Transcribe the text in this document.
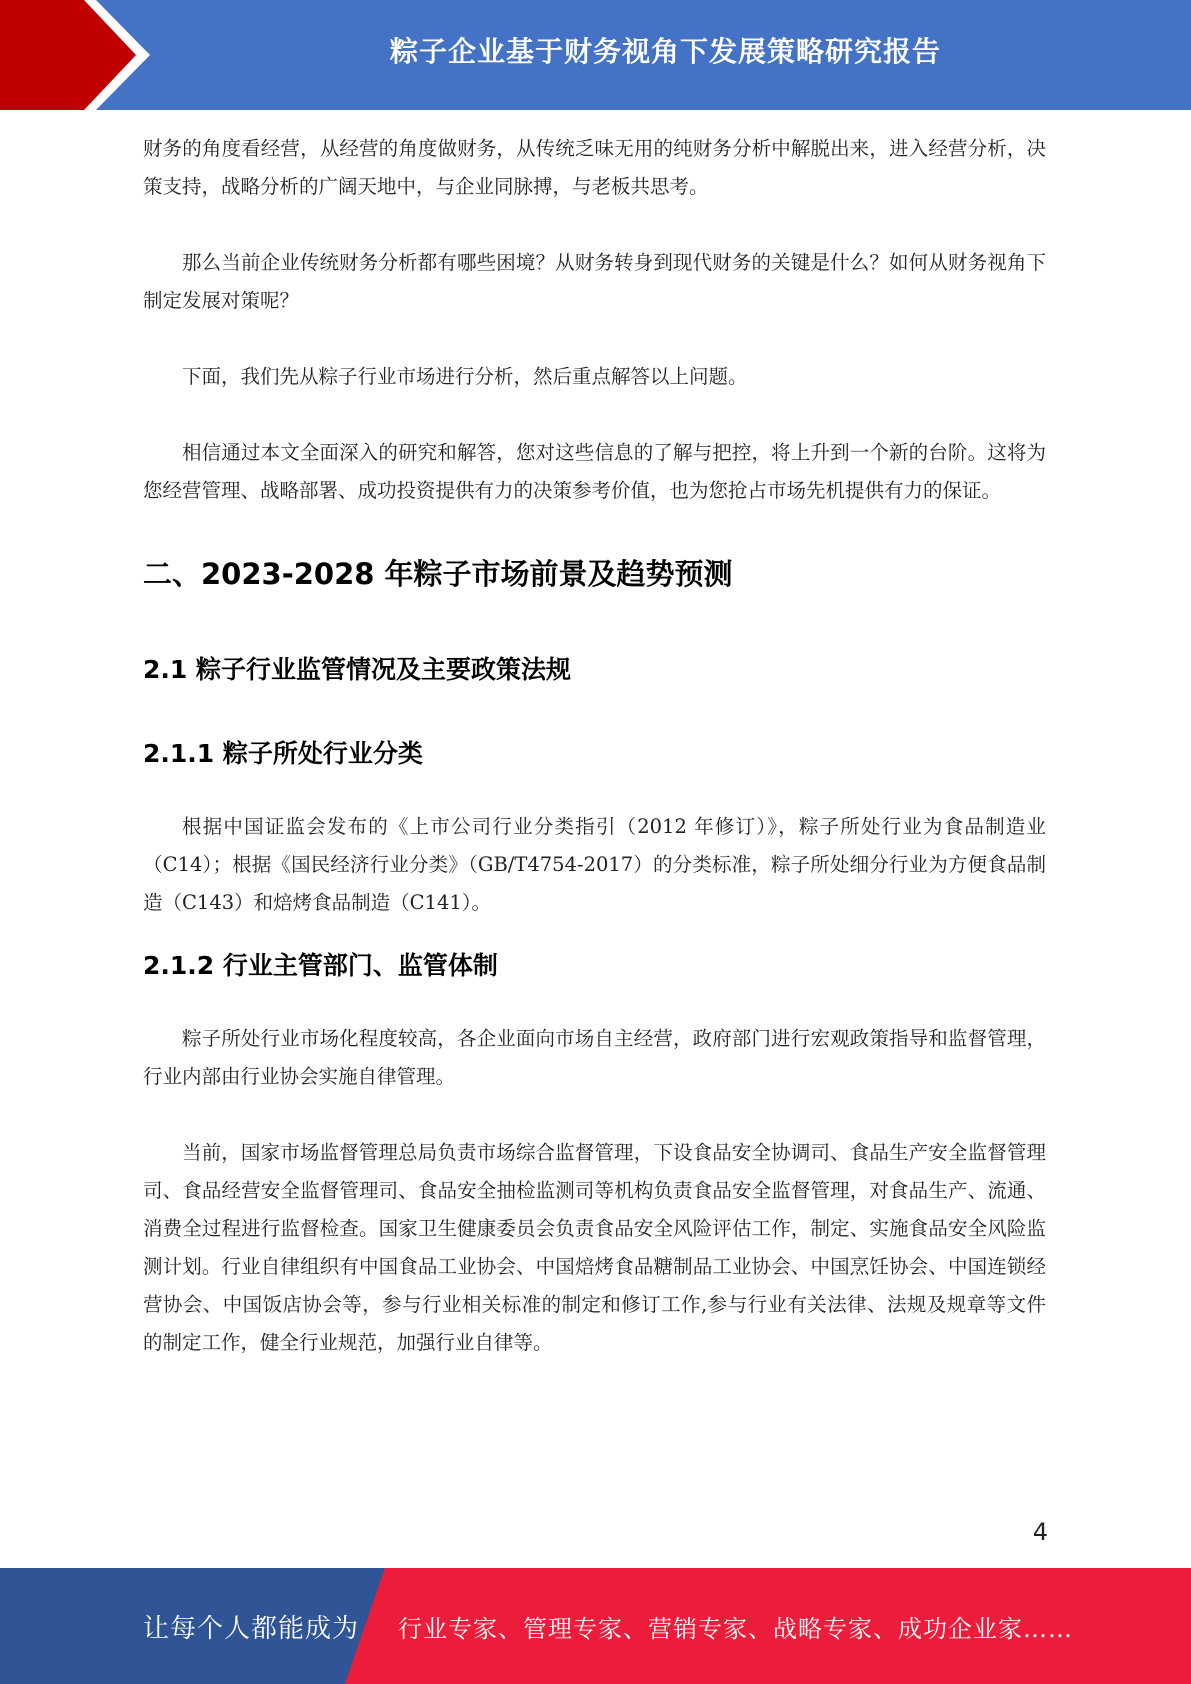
粽子企业基于财务视角下发展策略研究报告

财务的角度看经营，从经营的角度做财务，从传统乏味无用的纯财务分析中解脱出来，进入经营分析，决策支持，战略分析的广阔天地中，与企业同脉搏，与老板共思考。

那么当前企业传统财务分析都有哪些困境？从财务转身到现代财务的关键是什么？如何从财务视角下制定发展对策呢？

下面，我们先从粽子行业市场进行分析，然后重点解答以上问题。

相信通过本文全面深入的研究和解答，您对这些信息的了解与把控，将上升到一个新的台阶。这将为您经营管理、战略部署、成功投资提供有力的决策参考价值，也为您抢占市场先机提供有力的保证。

二、2023-2028 年粽子市场前景及趋势预测
2.1 粽子行业监管情况及主要政策法规
2.1.1 粽子所处行业分类

根据中国证监会发布的《上市公司行业分类指引（2012 年修订）》，粽子所处行业为食品制造业（C14）；根据《国民经济行业分类》（GB/T4754-2017）的分类标准，粽子所处细分行业为方便食品制造（C143）和焙烤食品制造（C141）。

2.1.2 行业主管部门、监管体制

粽子所处行业市场化程度较高，各企业面向市场自主经营，政府部门进行宏观政策指导和监督管理，行业内部由行业协会实施自律管理。

当前，国家市场监督管理总局负责市场综合监督管理，下设食品安全协调司、食品生产安全监督管理司、食品经营安全监督管理司、食品安全抽检监测司等机构负责食品安全监督管理，对食品生产、流通、消费全过程进行监督检查。国家卫生健康委员会负责食品安全风险评估工作，制定、实施食品安全风险监测计划。行业自律组织有中国食品工业协会、中国焙烤食品糖制品工业协会、中国烹饪协会、中国连锁经营协会、中国饭店协会等，参与行业相关标准的制定和修订工作,参与行业有关法律、法规及规章等文件的制定工作，健全行业规范，加强行业自律等。

4
让每个人都能成为 行业专家、管理专家、营销专家、战略专家、成功企业家……
